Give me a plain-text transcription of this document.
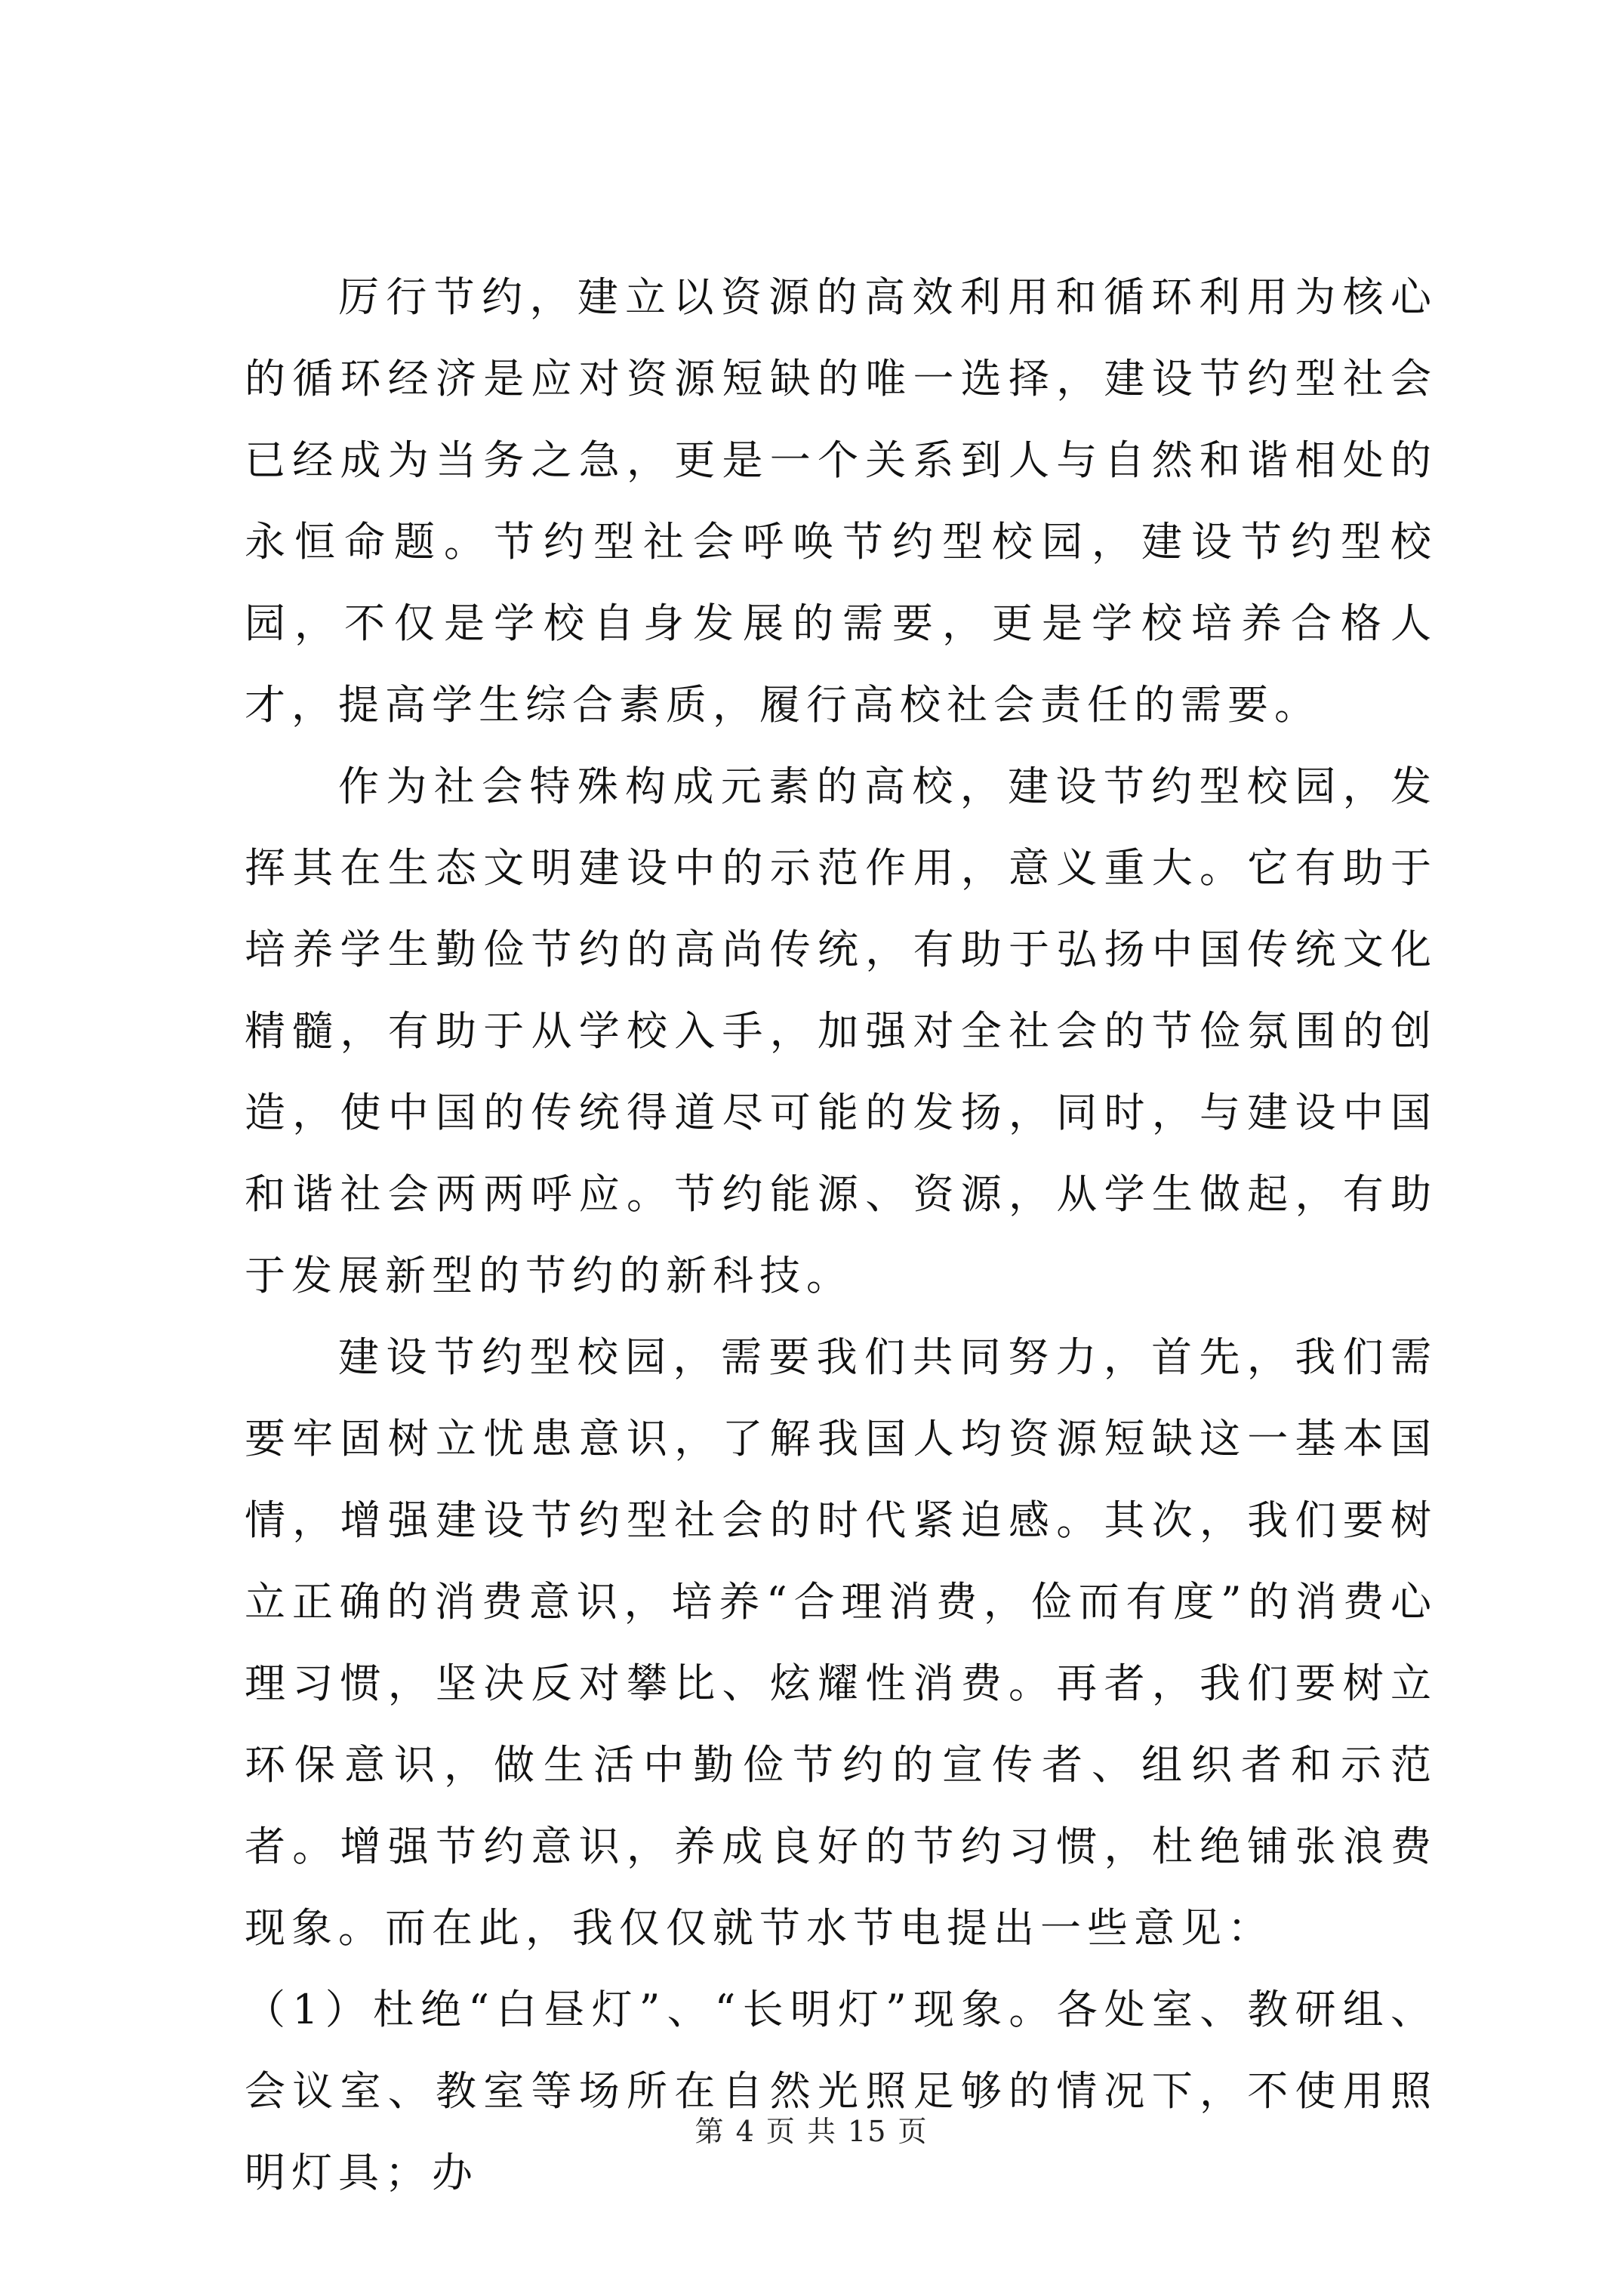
厉行节约，建立以资源的高效利用和循环利用为核心的循环经济是应对资源短缺的唯一选择，建设节约型社会已经成为当务之急，更是一个关系到人与自然和谐相处的永恒命题。节约型社会呼唤节约型校园，建设节约型校园，不仅是学校自身发展的需要，更是学校培养合格人才，提高学生综合素质，履行高校社会责任的需要。

作为社会特殊构成元素的高校，建设节约型校园，发挥其在生态文明建设中的示范作用，意义重大。它有助于培养学生勤俭节约的高尚传统，有助于弘扬中国传统文化精髓，有助于从学校入手，加强对全社会的节俭氛围的创造，使中国的传统得道尽可能的发扬，同时，与建设中国和谐社会两两呼应。节约能源、资源，从学生做起，有助于发展新型的节约的新科技。

建设节约型校园，需要我们共同努力，首先，我们需要牢固树立忧患意识，了解我国人均资源短缺这一基本国情，增强建设节约型社会的时代紧迫感。其次，我们要树立正确的消费意识，培养“合理消费，俭而有度”的消费心理习惯，坚决反对攀比、炫耀性消费。再者，我们要树立环保意识，做生活中勤俭节约的宣传者、组织者和示范者。增强节约意识，养成良好的节约习惯，杜绝铺张浪费现象。而在此，我仅仅就节水节电提出一些意见：

（1）杜绝“白昼灯”、“长明灯”现象。各处室、教研组、会议室、教室等场所在自然光照足够的情况下，不使用照明灯具；办

第 4 页 共 15 页
